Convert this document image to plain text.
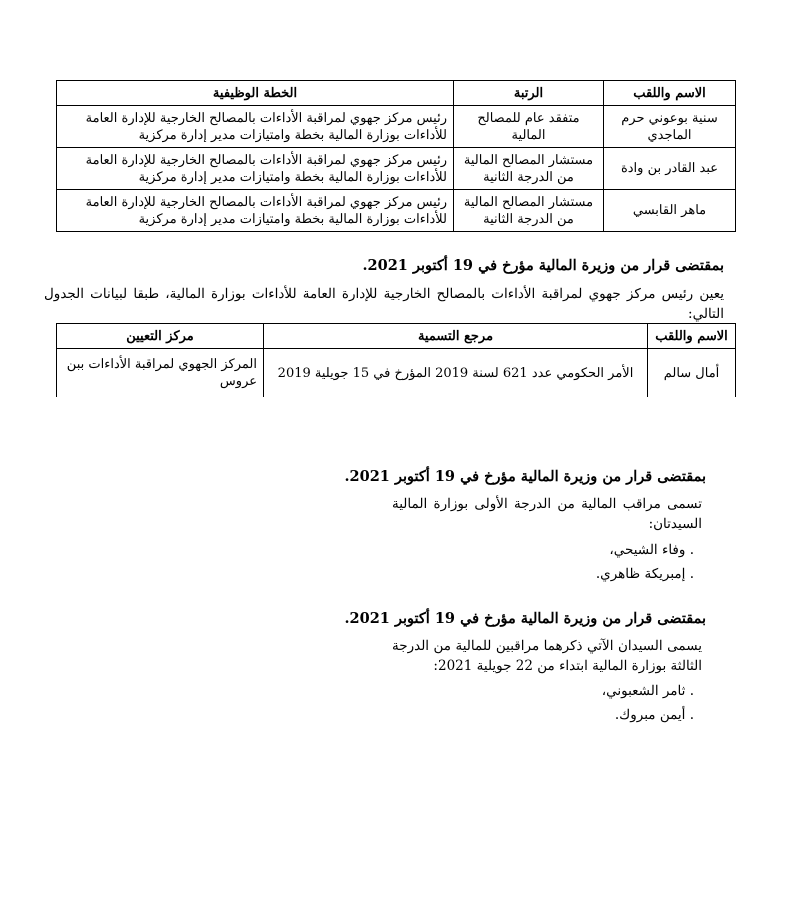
الاسم واللقب	الرتبة	الخطة الوظيفية
سنية بوعوني حرم الماجدي	متفقد عام للمصالح المالية	رئيس مركز جهوي لمراقبة الأداءات بالمصالح الخارجية للإدارة العامة للأداءات بوزارة المالية بخطة وامتيازات مدير إدارة مركزية
عبد القادر بن وادة	مستشار المصالح المالية من الدرجة الثانية	رئيس مركز جهوي لمراقبة الأداءات بالمصالح الخارجية للإدارة العامة للأداءات بوزارة المالية بخطة وامتيازات مدير إدارة مركزية
ماهر القابسي	مستشار المصالح المالية من الدرجة الثانية	رئيس مركز جهوي لمراقبة الأداءات بالمصالح الخارجية للإدارة العامة للأداءات بوزارة المالية بخطة وامتيازات مدير إدارة مركزية

بمقتضى قرار من وزيرة المالية مؤرخ في 19 أكتوبر 2021.

يعين رئيس مركز جهوي لمراقبة الأداءات بالمصالح الخارجية للإدارة العامة للأداءات بوزارة المالية، طبقا لبيانات الجدول التالي:

الاسم واللقب	مرجع التسمية	مركز التعيين
أمال سالم	الأمر الحكومي عدد 621 لسنة 2019 المؤرخ في 15 جويلية 2019	المركز الجهوي لمراقبة الأداءات ببن عروس

بمقتضى قرار من وزيرة المالية مؤرخ في 19 أكتوبر 2021.

تسمى مراقب المالية من الدرجة الأولى بوزارة المالية السيدتان:

. وفاء الشيحي،

. إمبريكة ظاهري.

بمقتضى قرار من وزيرة المالية مؤرخ في 19 أكتوبر 2021.

يسمى السيدان الآتي ذكرهما مراقبين للمالية من الدرجة الثالثة بوزارة المالية ابتداء من 22 جويلية 2021:

. ثامر الشعبوني،

. أيمن مبروك.
